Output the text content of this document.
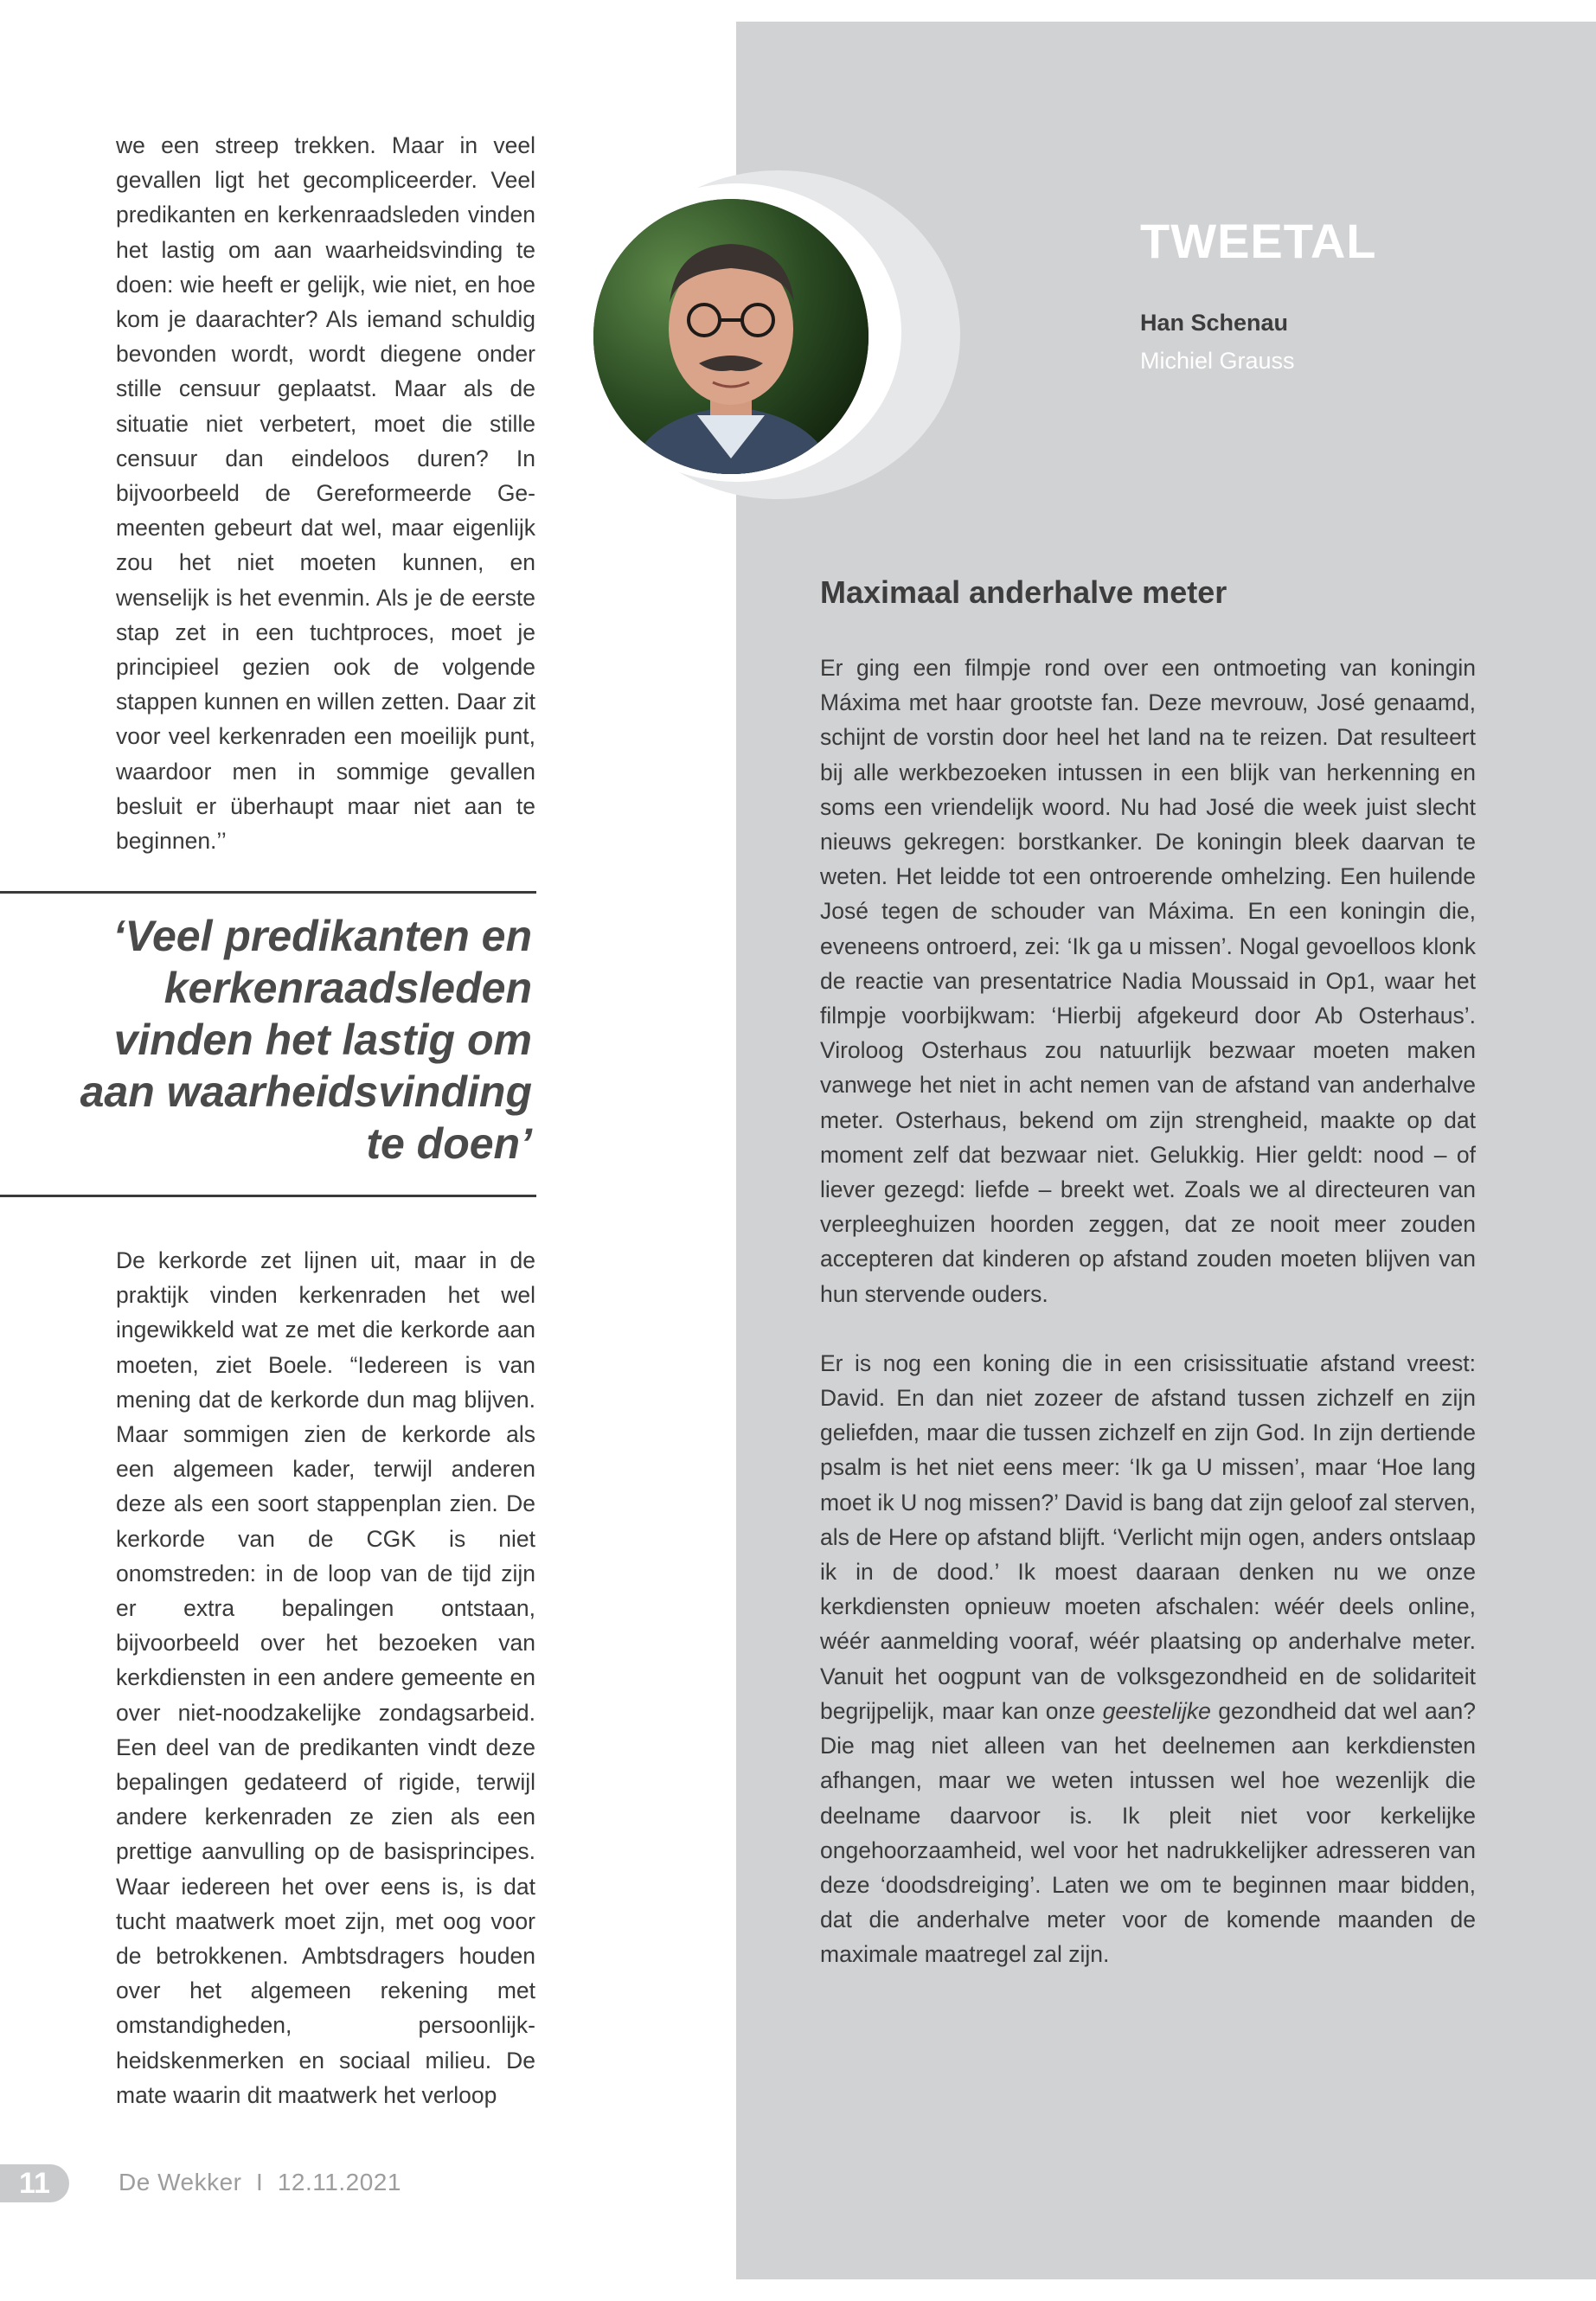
we een streep trekken. Maar in veel gevallen ligt het gecompliceerder. Veel predikanten en kerkenraadsleden vinden het lastig om aan waarheidsvinding te doen: wie heeft er gelijk, wie niet, en hoe kom je daarachter? Als iemand schuldig bevonden wordt, wordt diegene onder stille censuur geplaatst. Maar als de situatie niet verbetert, moet die stille censuur dan eindeloos duren? In bijvoorbeeld de Gereformeerde Gemeenten gebeurt dat wel, maar eigenlijk zou het niet moeten kunnen, en wenselijk is het evenmin. Als je de eerste stap zet in een tuchtproces, moet je principieel gezien ook de volgende stappen kunnen en willen zetten. Daar zit voor veel kerkenraden een moeilijk punt, waardoor men in sommige gevallen besluit er überhaupt maar niet aan te beginnen.’’

‘Veel predikanten en
kerkenraadsleden
vinden het lastig om
aan waarheidsvinding
te doen’

De kerkorde zet lijnen uit, maar in de praktijk vinden kerkenraden het wel ingewikkeld wat ze met die kerkorde aan moeten, ziet Boele. “Iedereen is van mening dat de kerkorde dun mag blijven. Maar sommigen zien de kerkorde als een algemeen kader, terwijl anderen deze als een soort stappenplan zien. De kerkorde van de CGK is niet onomstreden: in de loop van de tijd zijn er extra bepalingen ontstaan, bijvoorbeeld over het bezoeken van kerkdiensten in een andere gemeente en over niet-noodzakelijke zondagsarbeid. Een deel van de predikanten vindt deze bepalingen gedateerd of rigide, terwijl andere kerkenraden ze zien als een prettige aanvulling op de basisprincipes. Waar iedereen het over eens is, is dat tucht maatwerk moet zijn, met oog voor de betrokkenen. Ambtsdragers houden over het algemeen rekening met omstandigheden, persoonlijkheidskenmerken en sociaal milieu. De mate waarin dit maatwerk het verloop

TWEETAL
Han Schenau
Michiel Grauss
Maximaal anderhalve meter

Er ging een filmpje rond over een ontmoeting van koningin Máxima met haar grootste fan. Deze mevrouw, José genaamd, schijnt de vorstin door heel het land na te reizen. Dat resulteert bij alle werkbezoeken intussen in een blijk van herkenning en soms een vriendelijk woord. Nu had José die week juist slecht nieuws gekregen: borstkanker. De koningin bleek daarvan te weten. Het leidde tot een ontroerende omhelzing. Een huilende José tegen de schouder van Máxima. En een koningin die, eveneens ontroerd, zei: ‘Ik ga u missen’. Nogal gevoelloos klonk de reactie van presentatrice Nadia Moussaid in Op1, waar het filmpje voorbijkwam: ‘Hierbij afgekeurd door Ab Osterhaus’. Viroloog Osterhaus zou natuurlijk bezwaar moeten maken vanwege het niet in acht nemen van de afstand van anderhalve meter. Osterhaus, bekend om zijn strengheid, maakte op dat moment zelf dat bezwaar niet. Gelukkig. Hier geldt: nood – of liever gezegd: liefde – breekt wet. Zoals we al directeuren van verpleeghuizen hoorden zeggen, dat ze nooit meer zouden accepteren dat kinderen op afstand zouden moeten blijven van hun stervende ouders.

Er is nog een koning die in een crisissituatie afstand vreest: David. En dan niet zozeer de afstand tussen zichzelf en zijn geliefden, maar die tussen zichzelf en zijn God. In zijn dertiende psalm is het niet eens meer: ‘Ik ga U missen’, maar ‘Hoe lang moet ik U nog missen?’ David is bang dat zijn geloof zal sterven, als de Here op afstand blijft. ‘Verlicht mijn ogen, anders ontslaap ik in de dood.’ Ik moest daaraan denken nu we onze kerkdiensten opnieuw moeten afschalen: wéér deels online, wéér aanmelding vooraf, wéér plaatsing op anderhalve meter. Vanuit het oogpunt van de volksgezondheid en de solidariteit begrijpelijk, maar kan onze geestelijke gezondheid dat wel aan? Die mag niet alleen van het deelnemen aan kerkdiensten afhangen, maar we weten intussen wel hoe wezenlijk die deelname daarvoor is. Ik pleit niet voor kerkelijke ongehoorzaamheid, wel voor het nadrukkelijker adresseren van deze ‘doodsdreiging’. Laten we om te beginnen maar bidden, dat die anderhalve meter voor de komende maanden de maximale maatregel zal zijn.

11	De Wekker  I  12.11.2021
